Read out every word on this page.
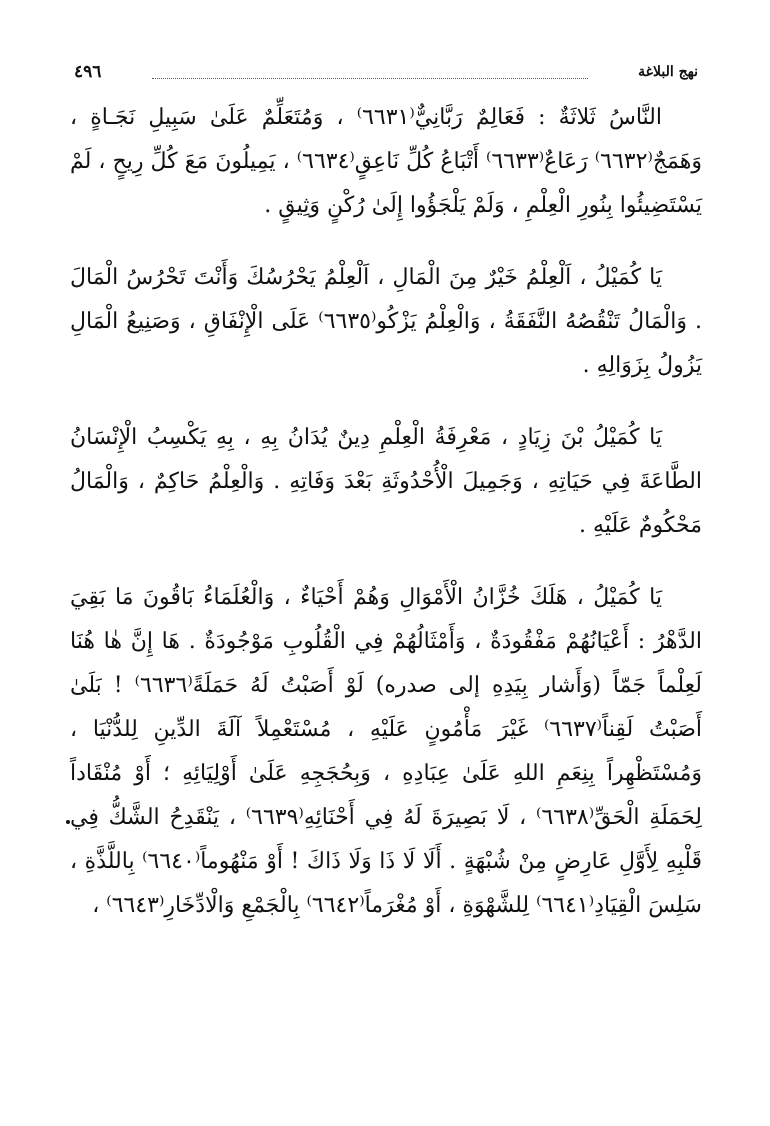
نهج البلاغة
٤٩٦

النَّاسُ ثَلاثَةٌ : فَعَالِمٌ رَبَّانِيٌّ⁽٦٦٣١⁾ ، وَمُتَعَلِّمٌ عَلَىٰ سَبِيلِ نَجَـاةٍ ، وَهَمَجٌ⁽٦٦٣٢⁾ رَعَاعٌ⁽٦٦٣٣⁾ أَتْبَاعُ كُلِّ نَاعِقٍ⁽٦٦٣٤⁾ ، يَمِيلُونَ مَعَ كُلِّ رِيحٍ ، لَمْ يَسْتَضِيئُوا بِنُورِ الْعِلْمِ ، وَلَمْ يَلْجَؤُوا إِلَىٰ رُكْنٍ وَثِيقٍ .

يَا كُمَيْلُ ، اَلْعِلْمُ خَيْرٌ مِنَ الْمَالِ ، اَلْعِلْمُ يَحْرُسُكَ وَأَنْتَ تَحْرُسُ الْمَالَ . وَالْمَالُ تَنْقُصُهُ النَّفَقَةُ ، وَالْعِلْمُ يَزْكُو⁽٦٦٣٥⁾ عَلَى الْإِنْفَاقِ ، وَصَنِيعُ الْمَالِ يَزُولُ بِزَوَالِهِ .

يَا كُمَيْلُ بْنَ زِيَادٍ ، مَعْرِفَةُ الْعِلْمِ دِينٌ يُدَانُ بِهِ ، بِهِ يَكْسِبُ الْإِنْسَانُ الطَّاعَةَ فِي حَيَاتِهِ ، وَجَمِيلَ الْأُحْدُوثَةِ بَعْدَ وَفَاتِهِ . وَالْعِلْمُ حَاكِمٌ ، وَالْمَالُ مَحْكُومٌ عَلَيْهِ .

يَا كُمَيْلُ ، هَلَكَ خُزَّانُ الْأَمْوَالِ وَهُمْ أَحْيَاءٌ ، وَالْعُلَمَاءُ بَاقُونَ مَا بَقِيَ الدَّهْرُ : أَعْيَانُهُمْ مَفْقُودَةٌ ، وَأَمْثَالُهُمْ فِي الْقُلُوبِ مَوْجُودَةٌ . هَا إِنَّ هٰا هُنَا لَعِلْماً جَمّاً (وَأَشار بِيَدِهِ إلى صدره) لَوْ أَصَبْتُ لَهُ حَمَلَةً⁽٦٦٣٦⁾ ! بَلَىٰ أَصَبْتُ لَقِناً⁽٦٦٣٧⁾ غَيْرَ مَأْمُونٍ عَلَيْهِ ، مُسْتَعْمِلاً آلَةَ الدِّينِ لِلدُّنْيَا ، وَمُسْتَظْهِراً بِنِعَمِ اللهِ عَلَىٰ عِبَادِهِ ، وَبِحُجَجِهِ عَلَىٰ أَوْلِيَائِهِ ؛ أَوْ مُنْقَاداً لِحَمَلَةِ الْحَقِّ⁽٦٦٣٨⁾ ، لَا بَصِيرَةَ لَهُ فِي أَحْنَائِهِ⁽٦٦٣٩⁾ ، يَنْقَدِحُ الشَّكُّ فِي قَلْبِهِ لِأَوَّلِ عَارِضٍ مِنْ شُبْهَةٍ . أَلَا لَا ذَا وَلَا ذَاكَ ! أَوْ مَنْهُوماً⁽٦٦٤٠⁾ بِاللَّذَّةِ ، سَلِسَ الْقِيَادِ⁽٦٦٤١⁾ لِلشَّهْوَةِ ، أَوْ مُغْرَماً⁽٦٦٤٢⁾ بِالْجَمْعِ وَالْادِّخَارِ⁽٦٦٤٣⁾ ،
